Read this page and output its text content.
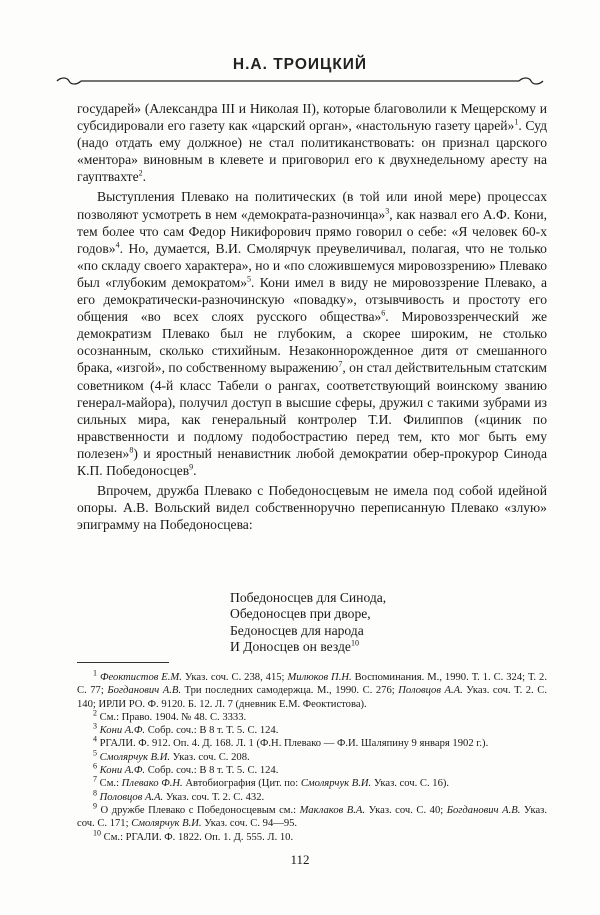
Н.А. ТРОИЦКИЙ

государей» (Александра III и Николая II), которые благоволили к Мещерскому и субсидировали его газету как «царский орган», «настольную газету царей»$^1$. Суд (надо отдать ему должное) не стал политиканствовать: он признал царского «ментора» виновным в клевете и приговорил его к двухнедельному аресту на гауптвахте$^2$.

Выступления Плевако на политических (в той или иной мере) процессах позволяют усмотреть в нем «демократа-разночинца»$^3$, как назвал его А.Ф. Кони, тем более что сам Федор Никифорович прямо говорил о себе: «Я человек 60-х годов»$^4$. Но, думается, В.И. Смолярчук преувеличивал, полагая, что не только «по складу своего характера», но и «по сложившемуся мировоззрению» Плевако был «глубоким демократом»$^5$. Кони имел в виду не мировоззрение Плевако, а его демократически-разночинскую «повадку», отзывчивость и простоту его общения «во всех слоях русского общества»$^6$. Мировоззренческий же демократизм Плевако был не глубоким, а скорее широким, не столько осознанным, сколько стихийным. Незаконнорожденное дитя от смешанного брака, «изгой», по собственному выражению$^7$, он стал действительным статским советником (4-й класс Табели о рангах, соответствующий воинскому званию генерал-майора), получил доступ в высшие сферы, дружил с такими зубрами из сильных мира, как генеральный контролер Т.И. Филиппов («циник по нравственности и подлому подобострастию перед тем, кто мог быть ему полезен»$^8$) и яростный ненавистник любой демократии обер-прокурор Синода К.П. Победоносцев$^9$.

Впрочем, дружба Плевако с Победоносцевым не имела под собой идейной опоры. А.В. Вольский видел собственноручно переписанную Плевако «злую» эпиграмму на Победоносцева:

Победоносцев для Синода,
Обедоносцев при дворе,
Бедоносцев для народа
И Доносцев он везде$^{10}$

$^1$ Феоктистов Е.М. Указ. соч. С. 238, 415; Милюков П.Н. Воспоминания. М., 1990. Т. 1. С. 324; Т. 2. С. 77; Богданович А.В. Три последних самодержца. М., 1990. С. 276; Половцов А.А. Указ. соч. Т. 2. С. 140; ИРЛИ РО. Ф. 9120. Б. 12. Л. 7 (дневник Е.М. Феоктистова).

$^2$ См.: Право. 1904. № 48. С. 3333.

$^3$ Кони А.Ф. Собр. соч.: В 8 т. Т. 5. С. 124.

$^4$ РГАЛИ. Ф. 912. Оп. 4. Д. 168. Л. 1 (Ф.Н. Плевако — Ф.И. Шаляпину 9 января 1902 г.).

$^5$ Смолярчук В.И. Указ. соч. С. 208.

$^6$ Кони А.Ф. Собр. соч.: В 8 т. Т. 5. С. 124.

$^7$ См.: Плевако Ф.Н. Автобиография (Цит. по: Смолярчук В.И. Указ. соч. С. 16).

$^8$ Половцов А.А. Указ. соч. Т. 2. С. 432.

$^9$ О дружбе Плевако с Победоносцевым см.: Маклаков В.А. Указ. соч. С. 40; Богданович А.В. Указ. соч. С. 171; Смолярчук В.И. Указ. соч. С. 94—95.

$^{10}$ См.: РГАЛИ. Ф. 1822. Оп. 1. Д. 555. Л. 10.

112
